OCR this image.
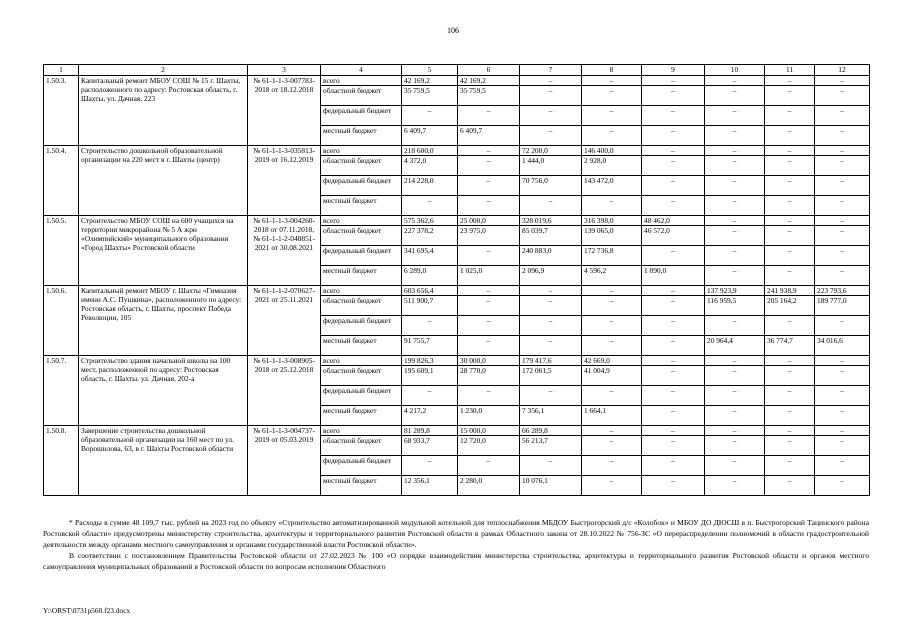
106
1	2	3	4	5	6	7	8	9	10	11	12
1.50.3.	Капитальный ремонт МБОУ СОШ № 15 г. Шахты, расположенного по адресу: Ростовская область, г. Шахты, ул. Дачная, 223	№ 61-1-1-3-007783-2018 от 18.12.2018	всего	42 169,2	42 169,2	–	–	–	–	–	–
			областной бюджет	35 759,5	35 759,5	–	–	–	–	–	–
			федеральный бюджет	–	–	–	–	–	–	–	–
			местный бюджет	6 409,7	6 409,7	–	–	–	–	–	–
1.50.4.	Строительство дошкольной образовательной организации на 220 мест в г. Шахты (центр)	№ 61-1-1-3-035813-2019 от 16.12.2019	всего	218 600,0	–	72 200,0	146 400,0	–	–	–	–
			областной бюджет	4 372,0	–	1 444,0	2 928,0	–	–	–	–
			федеральный бюджет	214 228,0	–	70 756,0	143 472,0	–	–	–	–
			местный бюджет	–	–	–	–	–	–	–	–
1.50.5.	Строительство МБОУ СОШ на 600 учащихся на территории микрорайона № 5 А жрн «Олимпийский» муниципального образования «Город Шахты» Ростовской области	№ 61-1-1-3-004260-2018 от 07.11.2018, № 61-1-1-2-048851-2021 от 30.08.2021	всего	575 362,6	25 000,0	328 019,6	316 398,0	48 462,0	–	–	–
			областной бюджет	227 378,2	23 975,0	85 039,7	139 065,0	46 572,0	–	–	–
			федеральный бюджет	341 695,4	–	240 883,0	172 736,8	–	–	–	–
			местный бюджет	6 289,0	1 025,0	2 096,9	4 596,2	1 890,0	–	–	–
1.50.6.	Капитальный ремонт МБОУ г. Шахты «Гимназия имени А.С. Пушкина», расположенного по адресу: Ростовская область, г. Шахты, проспект Победа Революции, 105	№ 61-1-1-2-070627-2021 от 25.11.2021	всего	603 656,4	–	–	–	–	137 923,9	241 938,9	223 793,6
			областной бюджет	511 900,7	–	–	–	–	116 959,5	205 164,2	189 777,0
			федеральный бюджет	–	–	–	–	–	–	–	–
			местный бюджет	91 755,7	–	–	–	–	20 964,4	36 774,7	34 016,6
1.50.7.	Строительство здания начальной школы на 100 мест, расположенной по адресу: Ростовская область, г. Шахты, ул. Дачная, 202-а	№ 61-1-1-3-008905-2018 от 25.12.2018	всего	199 826,3	30 000,0	179 417,6	42 669,0	–	–	–	–
			областной бюджет	195 609,1	28 770,0	172 061,5	41 004,9	–	–	–	–
			федеральный бюджет	–	–	–	–	–	–	–	–
			местный бюджет	4 217,2	1 230,0	7 356,1	1 664,1	–	–	–	–
1.50.8.	Завершение строительства дошкольной образовательной организации на 160 мест по ул. Ворошилова, 63, в г. Шахты Ростовской области	№ 61-1-1-3-004737-2019 от 05.03.2019	всего	81 289,8	15 000,0	66 289,8	–	–	–	–	–
			областной бюджет	68 933,7	12 720,0	56 213,7	–	–	–	–	–
			федеральный бюджет	–	–	–	–	–	–	–	–
			местный бюджет	12 356,1	2 280,0	10 076,1	–	–	–	–	–

* Расходы в сумме 48 109,7 тыс. рублей на 2023 год по объекту «Строительство автоматизированной модульной котельной для теплоснабжения МБДОУ Быстрогорский д/с «Колобок» и МБОУ ДО ДЮСШ в п. Быстрогорский Тацинского района Ростовской области» предусмотрены министерству строительства, архитектуры и территориального развития Ростовской области в рамках Областного закона от 28.10.2022 № 756-ЗС «О перераспределении полномочий в области градостроительной деятельности между органами местного самоуправления и органами государственной власти Ростовской области».

В соответствии с постановлением Правительства Ростовской области от 27.02.2023 № 100 «О порядке взаимодействия министерства строительства, архитектуры и территориального развития Ростовской области и органов местного самоуправления муниципальных образований в Ростовской области по вопросам исполнения Областного

Y:\ORST\0731p560.f23.docx
